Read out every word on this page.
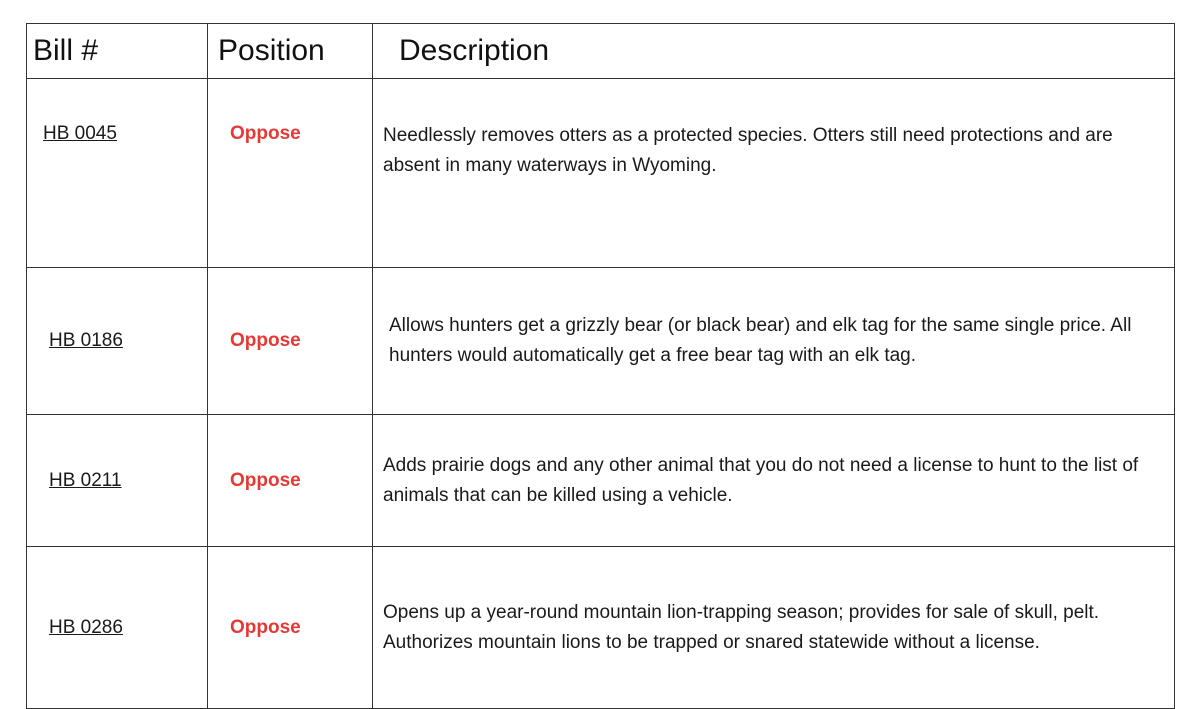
Bill #	Position	Description
HB 0045	Oppose	Needlessly removes otters as a protected species. Otters still need protections and are absent in many waterways in Wyoming.
HB 0186	Oppose	Allows hunters get a grizzly bear (or black bear) and elk tag for the same single price. All hunters would automatically get a free bear tag with an elk tag.
HB 0211	Oppose	Adds prairie dogs and any other animal that you do not need a license to hunt to the list of animals that can be killed using a vehicle.
HB 0286	Oppose	Opens up a year-round mountain lion-trapping season; provides for sale of skull, pelt. Authorizes mountain lions to be trapped or snared statewide without a license.
